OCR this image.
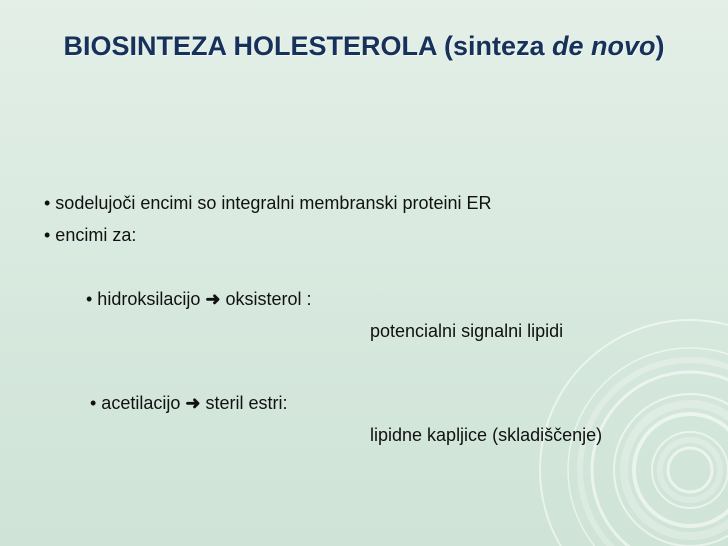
BIOSINTEZA HOLESTEROLA (sinteza de novo)
• sodelujoči encimi so integralni membranski proteini ER
• encimi za:
• hidroksilacijo ➜ oksisterol :
potencialni signalni lipidi
• acetilacijo ➜ steril estri:
lipidne kapljice (skladiščenje)
